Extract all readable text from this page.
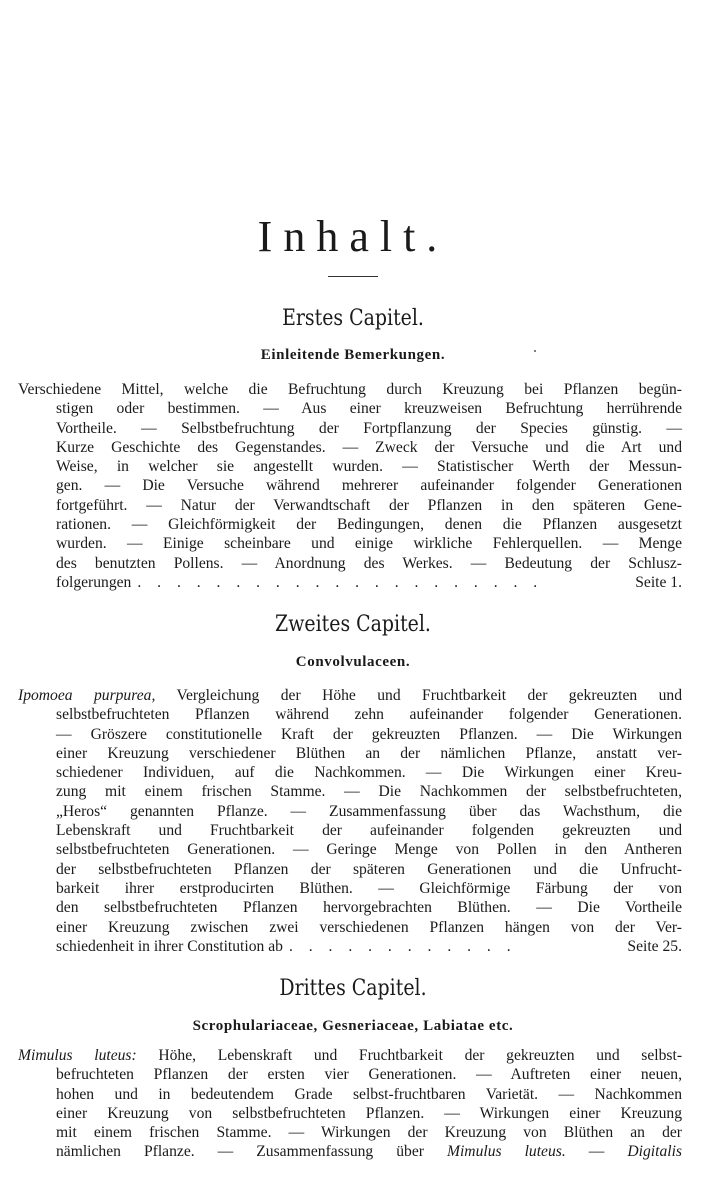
Inhalt.
Erstes Capitel.
Einleitende Bemerkungen.
Verschiedene Mittel, welche die Befruchtung durch Kreuzung bei Pflanzen begün-
stigen oder bestimmen. — Aus einer kreuzweisen Befruchtung herrührende
Vortheile. — Selbstbefruchtung der Fortpflanzung der Species günstig. —
Kurze Geschichte des Gegenstandes. — Zweck der Versuche und die Art und
Weise, in welcher sie angestellt wurden. — Statistischer Werth der Messun-
gen. — Die Versuche während mehrerer aufeinander folgender Generationen
fortgeführt. — Natur der Verwandtschaft der Pflanzen in den späteren Gene-
rationen. — Gleichförmigkeit der Bedingungen, denen die Pflanzen ausgesetzt
wurden. — Einige scheinbare und einige wirkliche Fehlerquellen. — Menge
des benutzten Pollens. — Anordnung des Werkes. — Bedeutung der Schlusz-
folgerungen . . . . . . . . . . . . . . . . . . . . .	Seite 1.
Zweites Capitel.
Convolvulaceen.
Ipomoea purpurea, Vergleichung der Höhe und Fruchtbarkeit der gekreuzten und
selbstbefruchteten Pflanzen während zehn aufeinander folgender Generationen.
— Gröszere constitutionelle Kraft der gekreuzten Pflanzen. — Die Wirkungen
einer Kreuzung verschiedener Blüthen an der nämlichen Pflanze, anstatt ver-
schiedener Individuen, auf die Nachkommen. — Die Wirkungen einer Kreu-
zung mit einem frischen Stamme. — Die Nachkommen der selbstbefruchteten,
„Heros“ genannten Pflanze. — Zusammenfassung über das Wachsthum, die
Lebenskraft und Fruchtbarkeit der aufeinander folgenden gekreuzten und
selbstbefruchteten Generationen. — Geringe Menge von Pollen in den Antheren
der selbstbefruchteten Pflanzen der späteren Generationen und die Unfrucht-
barkeit ihrer erstproducirten Blüthen. — Gleichförmige Färbung der von
den selbstbefruchteten Pflanzen hervorgebrachten Blüthen. — Die Vortheile
einer Kreuzung zwischen zwei verschiedenen Pflanzen hängen von der Ver-
schiedenheit in ihrer Constitution ab . . . . . . . . . . . .	Seite 25.
Drittes Capitel.
Scrophulariaceae, Gesneriaceae, Labiatae etc.
Mimulus luteus: Höhe, Lebenskraft und Fruchtbarkeit der gekreuzten und selbst-
befruchteten Pflanzen der ersten vier Generationen. — Auftreten einer neuen,
hohen und in bedeutendem Grade selbst-fruchtbaren Varietät. — Nachkommen
einer Kreuzung von selbstbefruchteten Pflanzen. — Wirkungen einer Kreuzung
mit einem frischen Stamme. — Wirkungen der Kreuzung von Blüthen an der
nämlichen Pflanze. — Zusammenfassung über Mimulus luteus. — Digitalis
